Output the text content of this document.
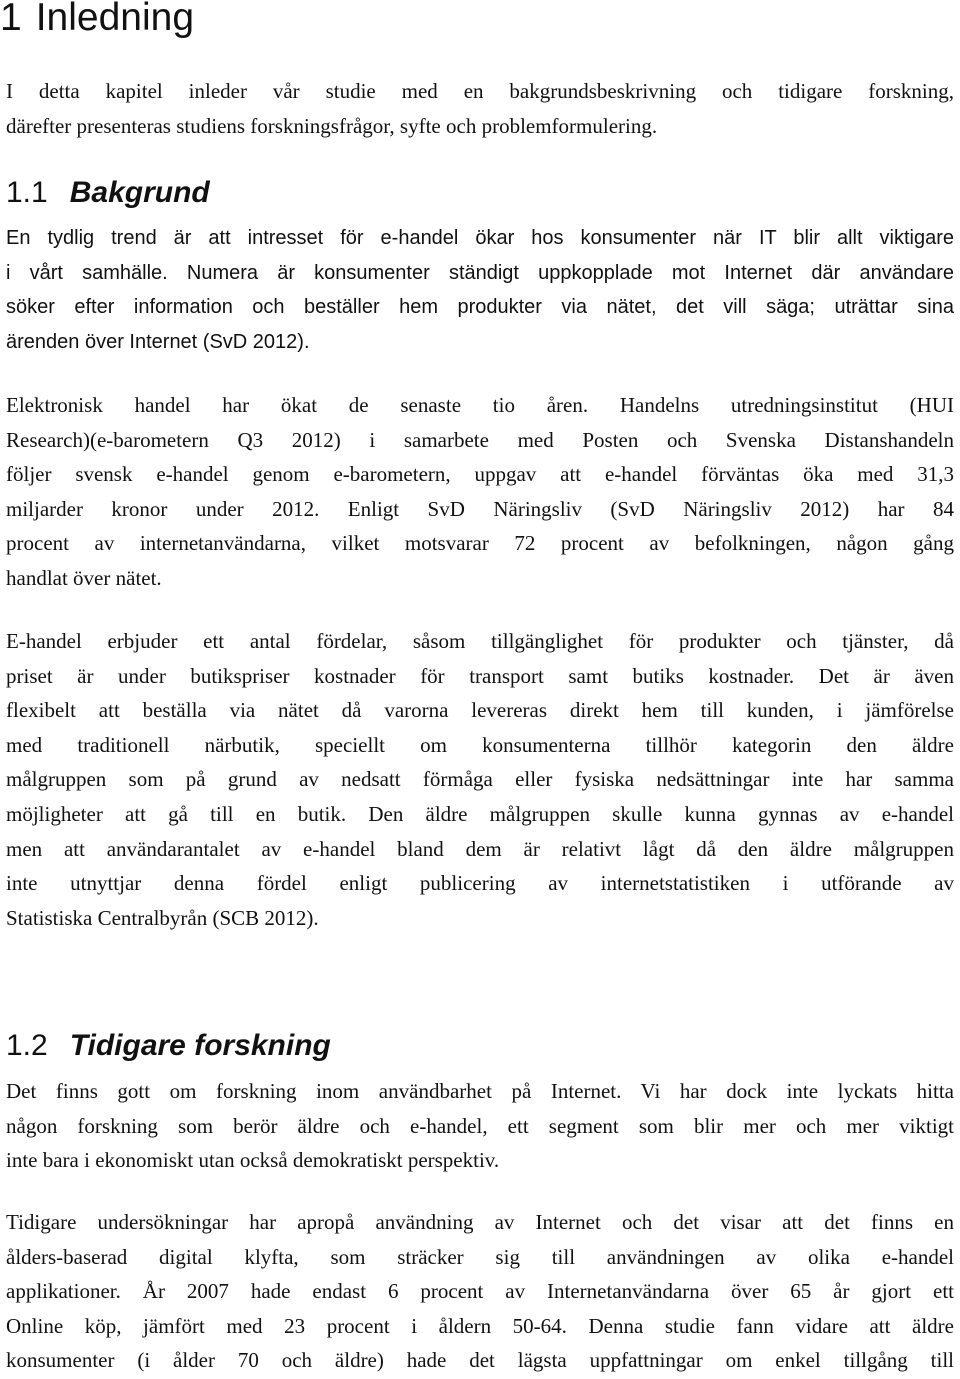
1 Inledning
I detta kapitel inleder vår studie med en bakgrundsbeskrivning och tidigare forskning,
därefter presenteras studiens forskningsfrågor, syfte och problemformulering.
1.1 Bakgrund
En tydlig trend är att intresset för e-handel ökar hos konsumenter när IT blir allt viktigare
i vårt samhälle. Numera är konsumenter ständigt uppkopplade mot Internet där användare
söker efter information och beställer hem produkter via nätet, det vill säga; uträttar sina
ärenden över Internet (SvD 2012).
Elektronisk handel har ökat de senaste tio åren. Handelns utredningsinstitut (HUI
Research)(e-barometern Q3 2012) i samarbete med Posten och Svenska Distanshandeln
följer svensk e-handel genom e-barometern, uppgav att e-handel förväntas öka med 31,3
miljarder kronor under 2012. Enligt SvD Näringsliv (SvD Näringsliv 2012) har 84
procent av internetanvändarna, vilket motsvarar 72 procent av befolkningen, någon gång
handlat över nätet.
E-handel erbjuder ett antal fördelar, såsom tillgänglighet för produkter och tjänster, då
priset är under butikspriser kostnader för transport samt butiks kostnader. Det är även
flexibelt att beställa via nätet då varorna levereras direkt hem till kunden, i jämförelse
med traditionell närbutik, speciellt om konsumenterna tillhör kategorin den äldre
målgruppen som på grund av nedsatt förmåga eller fysiska nedsättningar inte har samma
möjligheter att gå till en butik. Den äldre målgruppen skulle kunna gynnas av e-handel
men att användarantalet av e-handel bland dem är relativt lågt då den äldre målgruppen
inte utnyttjar denna fördel enligt publicering av internetstatistiken i utförande av
Statistiska Centralbyrån (SCB 2012).
1.2 Tidigare forskning
Det finns gott om forskning inom användbarhet på Internet. Vi har dock inte lyckats hitta
någon forskning som berör äldre och e-handel, ett segment som blir mer och mer viktigt
inte bara i ekonomiskt utan också demokratiskt perspektiv.
Tidigare undersökningar har apropå användning av Internet och det visar att det finns en
ålders-baserad digital klyfta, som sträcker sig till användningen av olika e-handel
applikationer. År 2007 hade endast 6 procent av Internetanvändarna över 65 år gjort ett
Online köp, jämfört med 23 procent i åldern 50-64. Denna studie fann vidare att äldre
konsumenter (i ålder 70 och äldre) hade det lägsta uppfattningar om enkel tillgång till
